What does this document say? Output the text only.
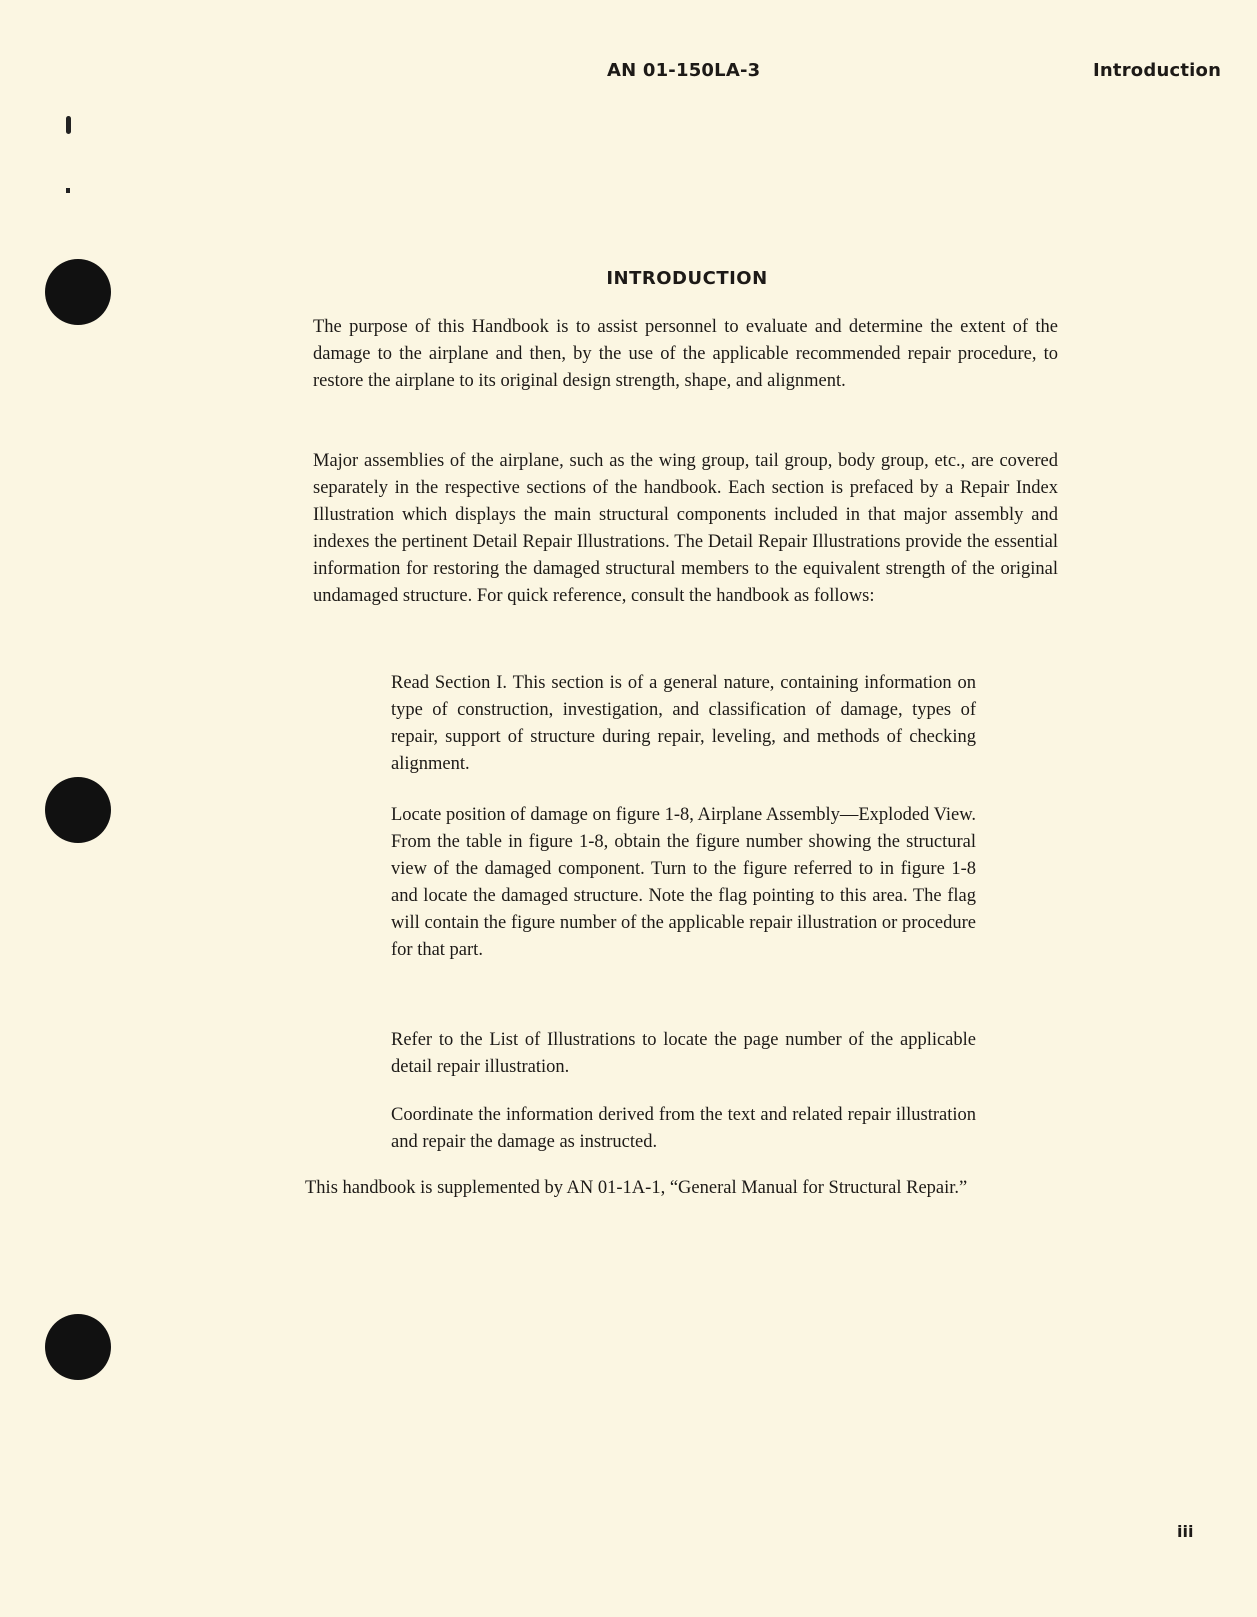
AN 01-150LA-3	Introduction
INTRODUCTION
The purpose of this Handbook is to assist personnel to evaluate and determine the extent of the damage to the airplane and then, by the use of the applicable recommended repair procedure, to restore the airplane to its original design strength, shape, and alignment.
Major assemblies of the airplane, such as the wing group, tail group, body group, etc., are covered separately in the respective sections of the handbook. Each section is prefaced by a Repair Index Illustration which displays the main structural components included in that major assembly and indexes the pertinent Detail Repair Illustrations. The Detail Repair Illustrations provide the essential information for restoring the damaged structural members to the equivalent strength of the original undamaged structure. For quick reference, consult the handbook as follows:
Read Section I. This section is of a general nature, containing information on type of construction, investigation, and classification of damage, types of repair, support of structure during repair, leveling, and methods of checking alignment.
Locate position of damage on figure 1-8, Airplane Assembly—Exploded View. From the table in figure 1-8, obtain the figure number showing the structural view of the damaged component. Turn to the figure referred to in figure 1-8 and locate the damaged structure. Note the flag pointing to this area. The flag will contain the figure number of the applicable repair illustration or procedure for that part.
Refer to the List of Illustrations to locate the page number of the applicable detail repair illustration.
Coordinate the information derived from the text and related repair illustration and repair the damage as instructed.
This handbook is supplemented by AN 01-1A-1, “General Manual for Structural Repair.”
iii
